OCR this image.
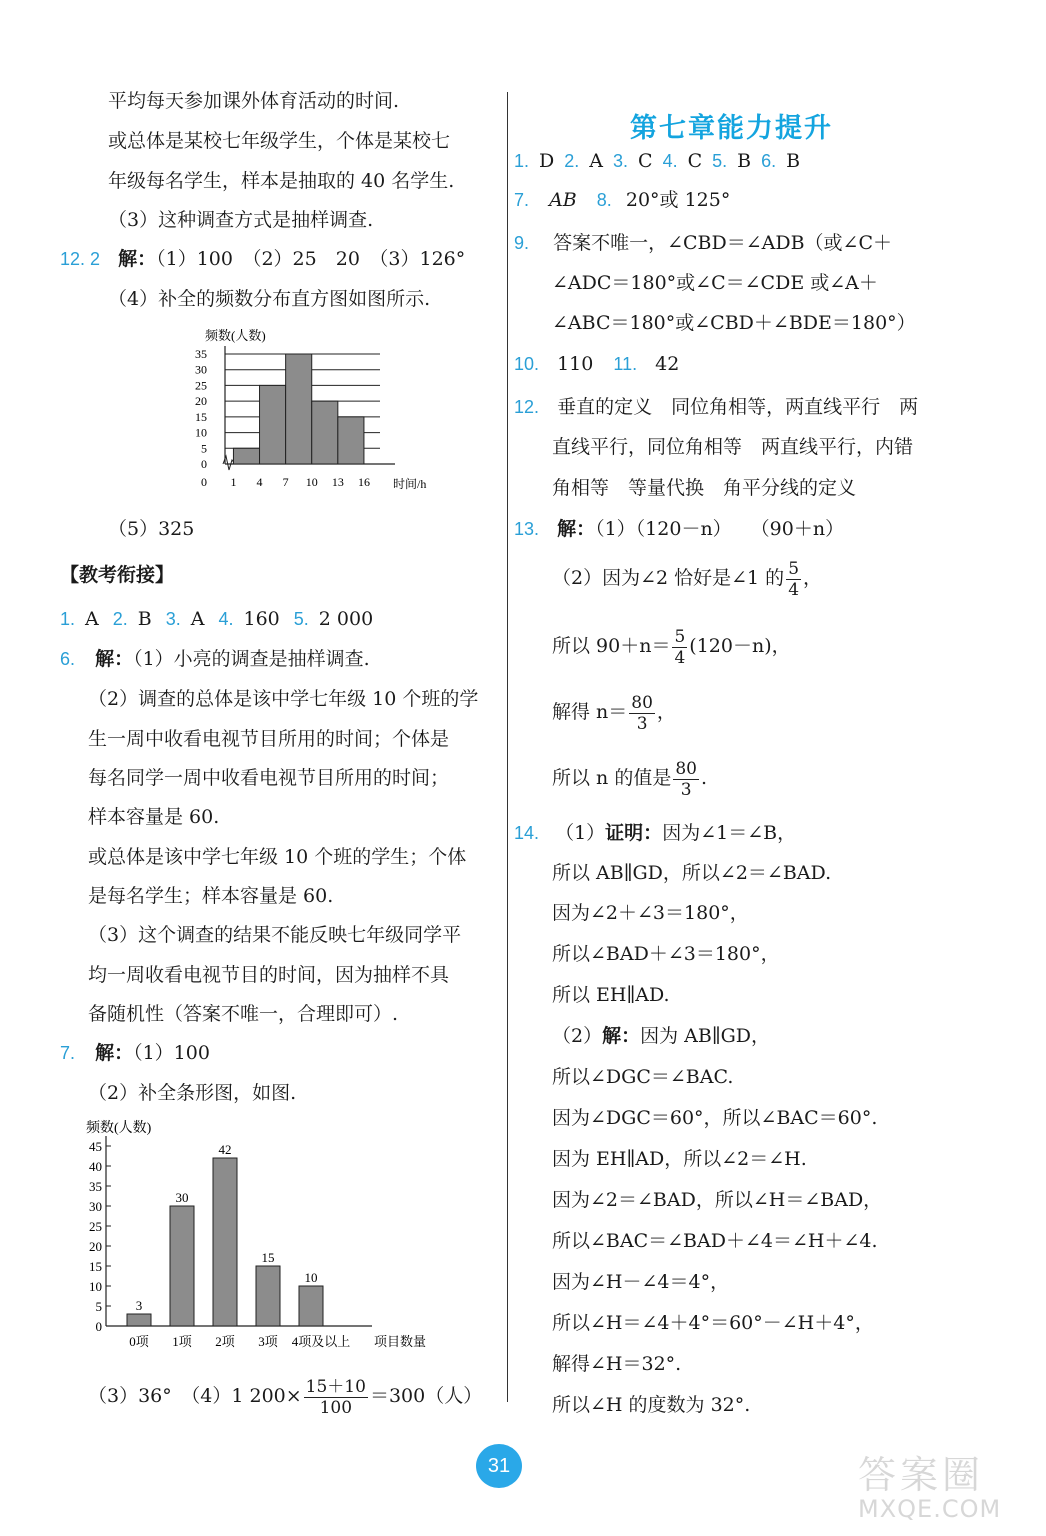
平均每天参加课外体育活动的时间.
或总体是某校七年级学生，个体是某校七
年级每名学生，样本是抽取的 40 名学生.
（3）这种调查方式是抽样调查.
12. 2 解：（1）100　（2）25　20　（3）126°
（4）补全的频数分布直方图如图所示.
0
5
10
15
20
25
30
35
1 4 7 10 13 16
0
频数(人数)
时间/h
（5）325
【教考衔接】
1. A 2. B 3. A 4. 160 5. 2 000
6. 解：（1）小亮的调查是抽样调查.
（2）调查的总体是该中学七年级 10 个班的学
生一周中收看电视节目所用的时间；个体是
每名同学一周中收看电视节目所用的时间；
样本容量是 60.
或总体是该中学七年级 10 个班的学生；个体
是每名学生；样本容量是 60.
（3）这个调查的结果不能反映七年级同学平
均一周收看电视节目的时间，因为抽样不具
备随机性（答案不唯一，合理即可）.
7. 解：（1）100
（2）补全条形图，如图.
0
5
10
15
20
25
30
35
40
45
3
0项
30
1项
42
2项
15
3项
10
4项及以上
频数(人数)
项目数量
（3）36°　（4）1 $200\times \frac{15+10}{100} =300$（人）
第七章能力提升
1. D 2. A 3. C 4. C 5. B 6. B
7. AB 8. 20°或 125°
9. 答案不唯一，∠CBD＝∠ADB（或∠C＋
∠ADC＝180°或∠C＝∠CDE 或∠A＋
∠ABC＝180°或∠CBD＋∠BDE＝180°）
10. 110 11. 42
12. 垂直的定义　同位角相等，两直线平行　两
直线平行，同位角相等　两直线平行，内错
角相等　等量代换　角平分线的定义
13. 解：（1）（120－n）　　（90＋n）
（2）因为∠2 恰好是∠1 的 $\frac{5}{4}$ ，
所以 $90+n= \frac{5}{4} (120-n)$，
解得 $n= \frac{80}{3}$ ，
所以 n 的值是 $\frac{80}{3}$ .
14. （1）证明：因为∠1＝∠B，
所以 AB∥GD，所以∠2＝∠BAD.
因为∠2＋∠3＝180°，
所以∠BAD＋∠3＝180°，
所以 EH∥AD.
（2）解：因为 AB∥GD，
所以∠DGC＝∠BAC.
因为∠DGC＝60°，所以∠BAC＝60°.
因为 EH∥AD，所以∠2＝∠H.
因为∠2＝∠BAD，所以∠H＝∠BAD，
所以∠BAC＝∠BAD＋∠4＝∠H＋∠4.
因为∠H－∠4＝4°，
所以∠H＝∠4＋4°＝60°－∠H＋4°，
解得∠H＝32°.
所以∠H 的度数为 32°.
31	答案圈
MXQE.COM
